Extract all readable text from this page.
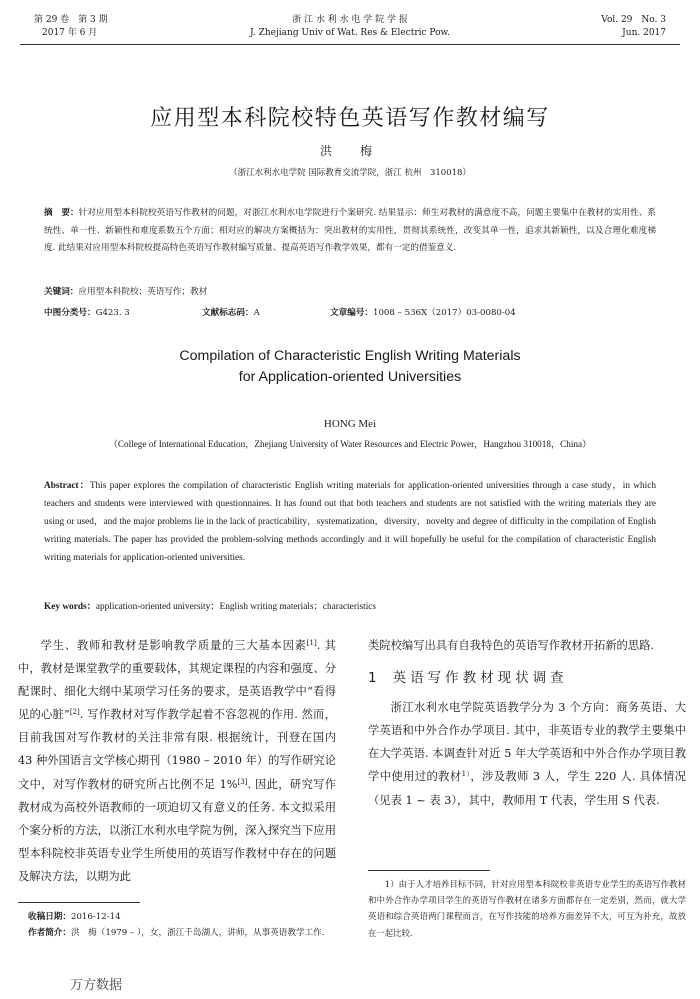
第 29 卷　第 3 期
2017 年 6 月
浙 江 水 利 水 电 学 院 学 报
J. Zhejiang Univ of Wat. Res & Electric Pow.
Vol. 29　No. 3
Jun. 2017
应用型本科院校特色英语写作教材编写
洪　梅
（浙江水利水电学院 国际教育交流学院，浙江 杭州　310018）
摘　要：针对应用型本科院校英语写作教材的问题，对浙江水利水电学院进行个案研究. 结果显示：师生对教材的满意度不高，问题主要集中在教材的实用性、系统性、单一性、新颖性和难度系数五个方面；相对应的解决方案概括为：突出教材的实用性，贯彻其系统性，改变其单一性，追求其新颖性，以及合理化难度梯度. 此结果对应用型本科院校提高特色英语写作教材编写质量、提高英语写作教学效果，都有一定的借鉴意义.
关键词：应用型本科院校；英语写作；教材
中图分类号：G423. 3	文献标志码：A	文章编号：1008 – 536X（2017）03-0080-04
Compilation of Characteristic English Writing Materials
for Application-oriented Universities
HONG Mei
（College of International Education，Zhejiang University of Water Resources and Electric Power，Hangzhou 310018，China）
Abstract：This paper explores the compilation of characteristic English writing materials for application-oriented universities through a case study，in which teachers and students were interviewed with questionnaires. It has found out that both teachers and students are not satisfied with the writing materials they are using or used，and the major problems lie in the lack of practicability，systematization，diversity，novelty and degree of difficulty in the compilation of English writing materials. The paper has provided the problem-solving methods accordingly and it will hopefully be useful for the compilation of characteristic English writing materials for application-oriented universities.
Key words：application-oriented university；English writing materials；characteristics

学生、教师和教材是影响教学质量的三大基本因素[1]. 其中，教材是课堂教学的重要载体，其规定课程的内容和强度、分配课时、细化大纲中某项学习任务的要求，是英语教学中“看得见的心脏”[2]. 写作教材对写作教学起着不容忽视的作用. 然而，目前我国对写作教材的关注非常有限. 根据统计，刊登在国内 43 种外国语言文学核心期刊（1980 – 2010 年）的写作研究论文中，对写作教材的研究所占比例不足 1%[3]. 因此，研究写作教材成为高校外语教师的一项迫切又有意义的任务. 本文拟采用个案分析的方法，以浙江水利水电学院为例，深入探究当下应用型本科院校非英语专业学生所使用的英语写作教材中存在的问题及解决方法，以期为此

类院校编写出具有自我特色的英语写作教材开拓新的思路.

1 英语写作教材现状调查

浙江水利水电学院英语教学分为 3 个方向：商务英语、大学英语和中外合作办学项目. 其中，非英语专业的教学主要集中在大学英语. 本调查针对近 5 年大学英语和中外合作办学项目教学中使用过的教材$^{1)}$，涉及教师 3 人，学生 220 人. 具体情况（见表 1 ~ 表 3），其中，教师用 T 代表，学生用 S 代表.

收稿日期：2016-12-14
作者简介：洪　梅（1979 – ），女，浙江千岛湖人，讲师，从事英语教学工作.

1）由于人才培养目标不同，针对应用型本科院校非英语专业学生的英语写作教材和中外合作办学项目学生的英语写作教材在诸多方面都存在一定差别，然而，就大学英语和综合英语两门课程而言，在写作技能的培养方面差异不大，可互为补充，故放在一起比较.

万方数据
